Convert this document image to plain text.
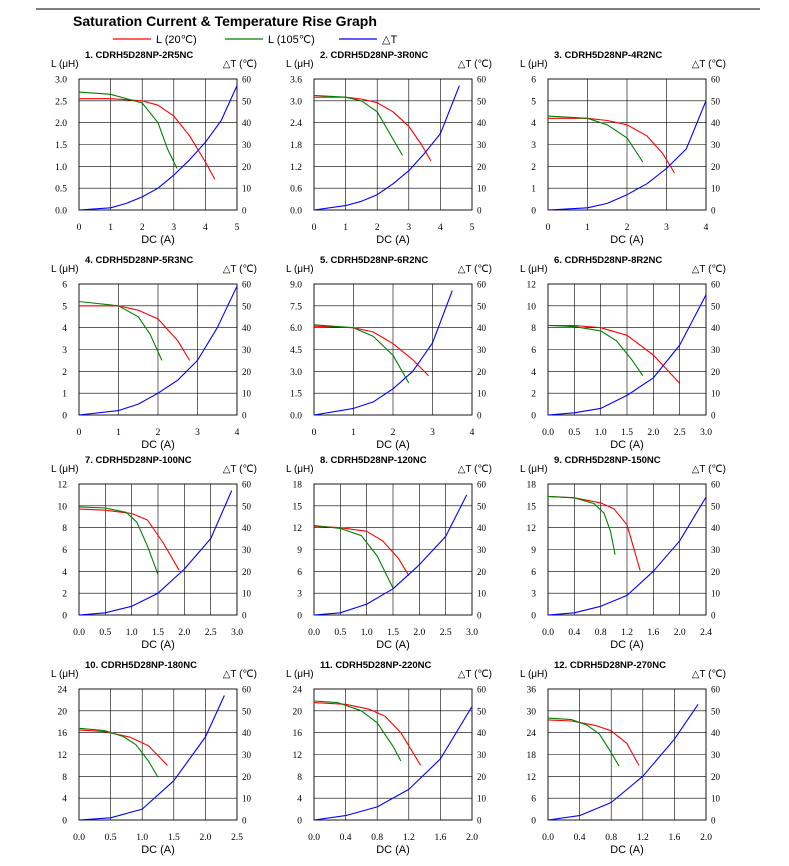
Saturation Current & Temperature Rise Graph
L (20℃)	L (105℃)	△T
1. CDRH5D28NP-2R5NC
L (μH)	△T (℃)
DC (A)
0.0
0.5
1.0
1.5
2.0
2.5
3.0
0
10
20
30
40
50
60
0	1	2	3	4	5
2. CDRH5D28NP-3R0NC
L (μH)	△T (℃)
DC (A)
0.0
0.6
1.2
1.8
2.4
3.0
3.6
0
10
20
30
40
50
60
0	1	2	3	4	5
3. CDRH5D28NP-4R2NC
L (μH)	△T (℃)
DC (A)
0
1
2
3
4
5
6
0
10
20
30
40
50
60
0	1	2	3	4
4. CDRH5D28NP-5R3NC
L (μH)	△T (℃)
DC (A)
0
1
2
3
4
5
6
0
10
20
30
40
50
60
0	1	2	3	4
5. CDRH5D28NP-6R2NC
L (μH)	△T (℃)
DC (A)
0.0
1.5
3.0
4.5
6.0
7.5
9.0
0
10
20
30
40
50
60
0	1	2	3	4
6. CDRH5D28NP-8R2NC
L (μH)	△T (℃)
DC (A)
0
2
4
6
8
10
12
0
10
20
30
40
50
60
0.0 0.5 1.0 1.5 2.0 2.5 3.0
7. CDRH5D28NP-100NC
L (μH)	△T (℃)
DC (A)
0
2
4
6
8
10
12
0
10
20
30
40
50
60
0.0 0.5 1.0 1.5 2.0 2.5 3.0
8. CDRH5D28NP-120NC
L (μH)	△T (℃)
DC (A)
0
3
6
9
12
15
18
0
10
20
30
40
50
60
0.0 0.5 1.0 1.5 2.0 2.5 3.0
9. CDRH5D28NP-150NC
L (μH)	△T (℃)
DC (A)
0
3
6
9
12
15
18
0
10
20
30
40
50
60
0.0 0.4 0.8 1.2 1.6 2.0 2.4
10. CDRH5D28NP-180NC
L (μH)	△T (℃)
DC (A)
0
4
8
12
16
20
24
0
10
20
30
40
50
60
0.0 0.5 1.0 1.5 2.0 2.5
11. CDRH5D28NP-220NC
L (μH)	△T (℃)
DC (A)
0
4
8
12
16
20
24
0
10
20
30
40
50
60
0.0 0.4 0.8 1.2 1.6 2.0
12. CDRH5D28NP-270NC
L (μH)	△T (℃)
DC (A)
0
6
12
18
24
30
36
0
10
20
30
40
50
60
0.0 0.4 0.8 1.2 1.6 2.0
